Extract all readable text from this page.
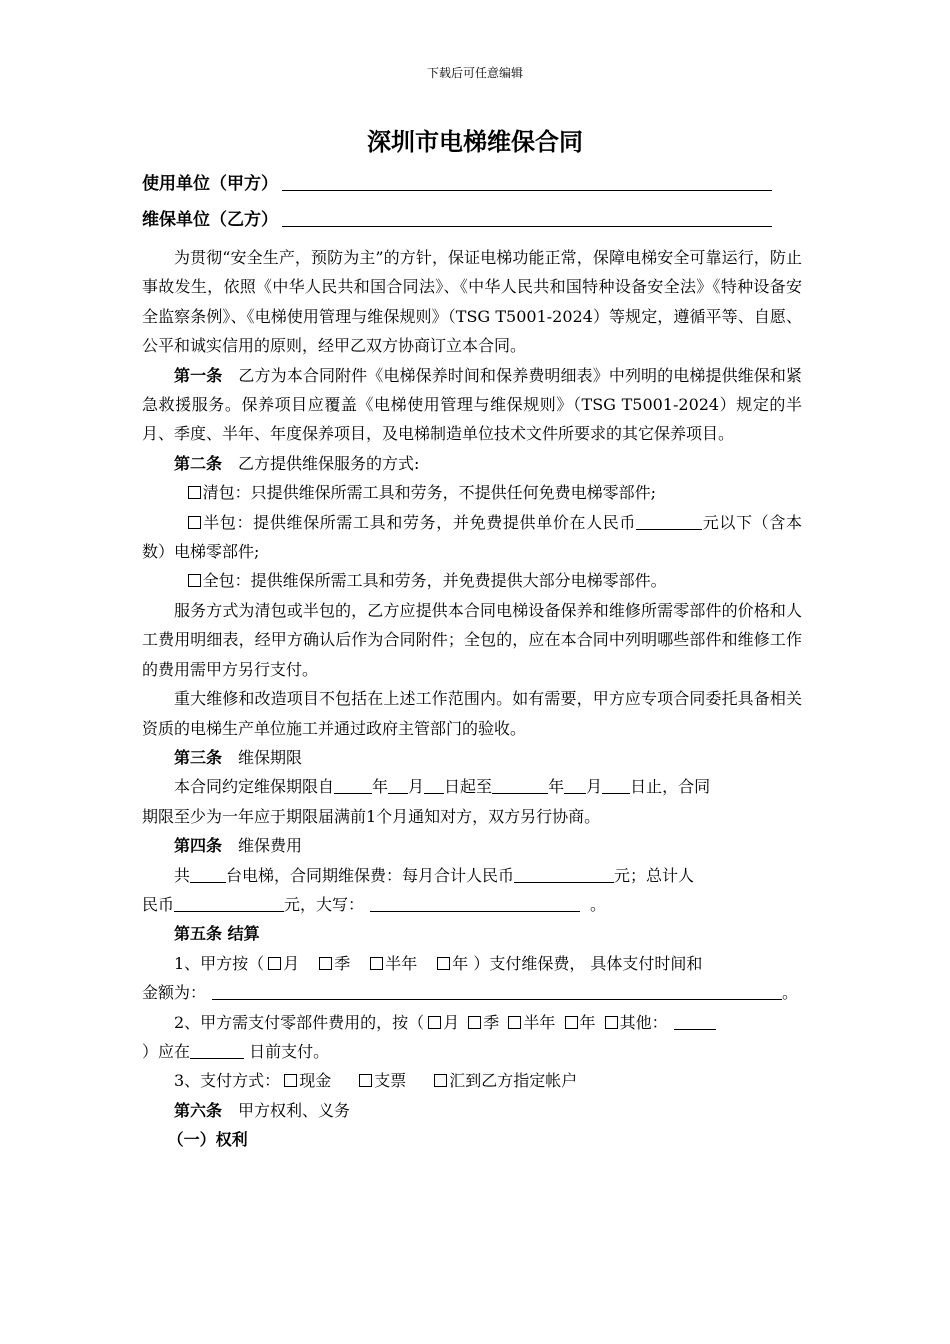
下载后可任意编辑
深圳市电梯维保合同
使用单位（甲方）
维保单位（乙方）

为贯彻“安全生产，预防为主”的方针，保证电梯功能正常，保障电梯安全可靠运行，防止事故发生，依照《中华人民共和国合同法》、《中华人民共和国特种设备安全法》《特种设备安全监察条例》、《电梯使用管理与维保规则》（TSG T5001-2024）等规定，遵循平等、自愿、公平和诚实信用的原则，经甲乙双方协商订立本合同。

第一条  乙方为本合同附件《电梯保养时间和保养费明细表》中列明的电梯提供维保和紧急救援服务。保养项目应覆盖《电梯使用管理与维保规则》（TSG T5001-2024）规定的半月、季度、半年、年度保养项目，及电梯制造单位技术文件所要求的其它保养项目。

第二条  乙方提供维保服务的方式:

清包：只提供维保所需工具和劳务，不提供任何免费电梯零部件;

半包：提供维保所需工具和劳务，并免费提供单价在人民币	元以下（含本数）电梯零部件;

全包：提供维保所需工具和劳务，并免费提供大部分电梯零部件。

服务方式为清包或半包的，乙方应提供本合同电梯设备保养和维修所需零部件的价格和人工费用明细表，经甲方确认后作为合同附件；全包的，应在本合同中列明哪些部件和维修工作的费用需甲方另行支付。

重大维修和改造项目不包括在上述工作范围内。如有需要，甲方应专项合同委托具备相关资质的电梯生产单位施工并通过政府主管部门的验收。

第三条  维保期限

本合同约定维保期限自 年 月 日起至	年 月 日止，合同

期限至少为一年应于期限届满前1个月通知对方，双方另行协商。

第四条  维保费用

共 台电梯，合同期维保费：每月合计人民币	元；总计人

民币	元，大写：	。

第五条 结算

1、甲方按（ 月  季  半年  年 ）支付维保费， 具体支付时间和

金额为：	。

2、甲方需支付零部件费用的，按（ 月 季 半年 年 其他：

）应在	日前支付。

3、支付方式： 现金  	支票  	汇到乙方指定帐户

第六条  甲方权利、义务

（一）权利
